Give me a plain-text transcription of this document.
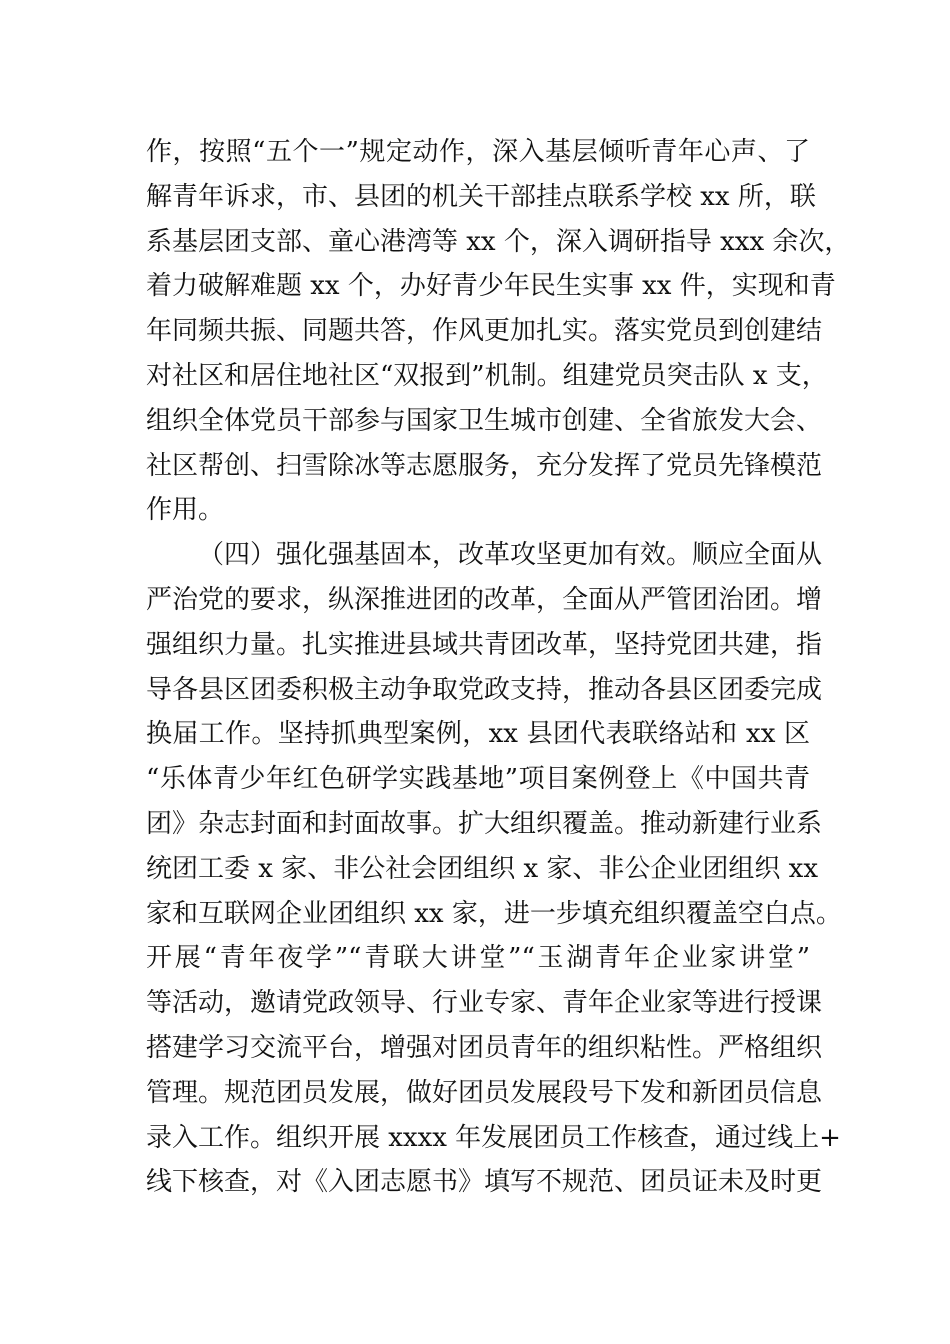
作，按照“五个一”规定动作，深入基层倾听青年心声、了
解青年诉求，市、县团的机关干部挂点联系学校 xx 所，联
系基层团支部、童心港湾等 xx 个，深入调研指导 xxx 余次，
着力破解难题 xx 个，办好青少年民生实事 xx 件，实现和青
年同频共振、同题共答，作风更加扎实。落实党员到创建结
对社区和居住地社区“双报到”机制。组建党员突击队 x 支，
组织全体党员干部参与国家卫生城市创建、全省旅发大会、
社区帮创、扫雪除冰等志愿服务，充分发挥了党员先锋模范
作用。
（四）强化强基固本，改革攻坚更加有效。顺应全面从
严治党的要求，纵深推进团的改革，全面从严管团治团。增
强组织力量。扎实推进县域共青团改革，坚持党团共建，指
导各县区团委积极主动争取党政支持，推动各县区团委完成
换届工作。坚持抓典型案例，xx 县团代表联络站和 xx 区
“乐体青少年红色研学实践基地”项目案例登上《中国共青
团》杂志封面和封面故事。扩大组织覆盖。推动新建行业系
统团工委 x 家、非公社会团组织 x 家、非公企业团组织 xx
家和互联网企业团组织 xx 家，进一步填充组织覆盖空白点。
开展“青年夜学”“青联大讲堂”“玉湖青年企业家讲堂”
等活动，邀请党政领导、行业专家、青年企业家等进行授课
搭建学习交流平台，增强对团员青年的组织粘性。严格组织
管理。规范团员发展，做好团员发展段号下发和新团员信息
录入工作。组织开展 xxxx 年发展团员工作核查，通过线上+
线下核查，对《入团志愿书》填写不规范、团员证未及时更
